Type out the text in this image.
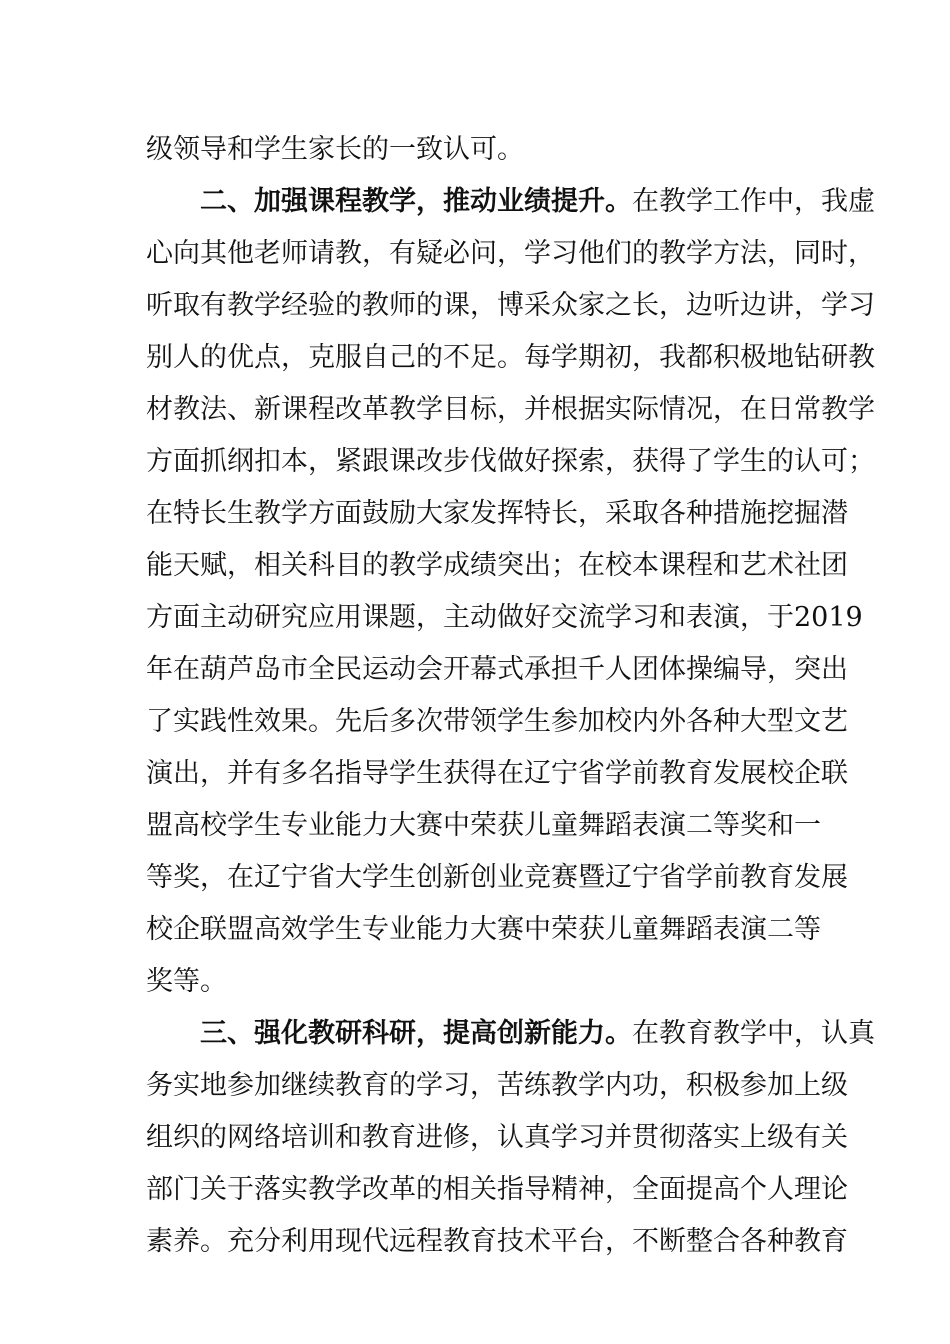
级领导和学生家长的一致认可。
二、加强课程教学，推动业绩提升。在教学工作中，我虚
心向其他老师请教，有疑必问，学习他们的教学方法，同时，
听取有教学经验的教师的课，博采众家之长，边听边讲，学习
别人的优点，克服自己的不足。每学期初，我都积极地钻研教
材教法、新课程改革教学目标，并根据实际情况，在日常教学
方面抓纲扣本，紧跟课改步伐做好探索，获得了学生的认可；
在特长生教学方面鼓励大家发挥特长，采取各种措施挖掘潜
能天赋，相关科目的教学成绩突出；在校本课程和艺术社团
方面主动研究应用课题，主动做好交流学习和表演，于2019
年在葫芦岛市全民运动会开幕式承担千人团体操编导，突出
了实践性效果。先后多次带领学生参加校内外各种大型文艺
演出，并有多名指导学生获得在辽宁省学前教育发展校企联
盟高校学生专业能力大赛中荣获儿童舞蹈表演二等奖和一
等奖，在辽宁省大学生创新创业竞赛暨辽宁省学前教育发展
校企联盟高效学生专业能力大赛中荣获儿童舞蹈表演二等
奖等。
三、强化教研科研，提高创新能力。在教育教学中，认真
务实地参加继续教育的学习，苦练教学内功，积极参加上级
组织的网络培训和教育进修，认真学习并贯彻落实上级有关
部门关于落实教学改革的相关指导精神，全面提高个人理论
素养。充分利用现代远程教育技术平台，不断整合各种教育
